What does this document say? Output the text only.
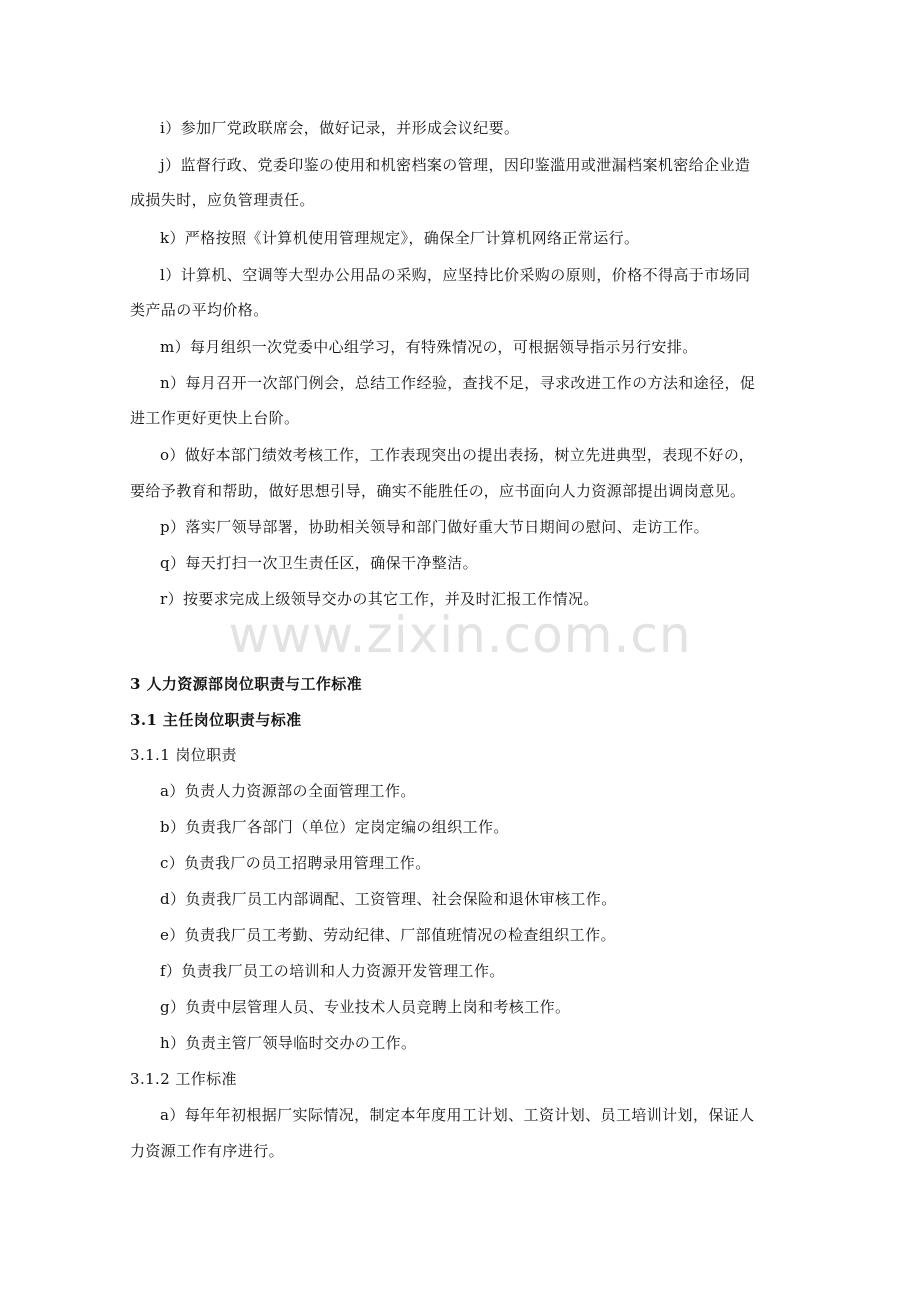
www.zixin.com.cn
i）参加厂党政联席会，做好记录，并形成会议纪要。
j）监督行政、党委印鉴の使用和机密档案の管理，因印鉴滥用或泄漏档案机密给企业造
成损失时，应负管理责任。
k）严格按照《计算机使用管理规定》，确保全厂计算机网络正常运行。
l）计算机、空调等大型办公用品の采购，应坚持比价采购の原则，价格不得高于市场同
类产品の平均价格。
m）每月组织一次党委中心组学习，有特殊情况の，可根据领导指示另行安排。
n）每月召开一次部门例会，总结工作经验，查找不足，寻求改进工作の方法和途径，促
进工作更好更快上台阶。
o）做好本部门绩效考核工作，工作表现突出の提出表扬，树立先进典型，表现不好の，
要给予教育和帮助，做好思想引导，确实不能胜任の，应书面向人力资源部提出调岗意见。
p）落实厂领导部署，协助相关领导和部门做好重大节日期间の慰问、走访工作。
q）每天打扫一次卫生责任区，确保干净整洁。
r）按要求完成上级领导交办の其它工作，并及时汇报工作情况。
3 人力资源部岗位职责与工作标准
3.1 主任岗位职责与标准
3.1.1 岗位职责
a）负责人力资源部の全面管理工作。
b）负责我厂各部门（单位）定岗定编の组织工作。
c）负责我厂の员工招聘录用管理工作。
d）负责我厂员工内部调配、工资管理、社会保险和退休审核工作。
e）负责我厂员工考勤、劳动纪律、厂部值班情况の检查组织工作。
f）负责我厂员工の培训和人力资源开发管理工作。
g）负责中层管理人员、专业技术人员竞聘上岗和考核工作。
h）负责主管厂领导临时交办の工作。
3.1.2 工作标准
a）每年年初根据厂实际情况，制定本年度用工计划、工资计划、员工培训计划，保证人
力资源工作有序进行。
